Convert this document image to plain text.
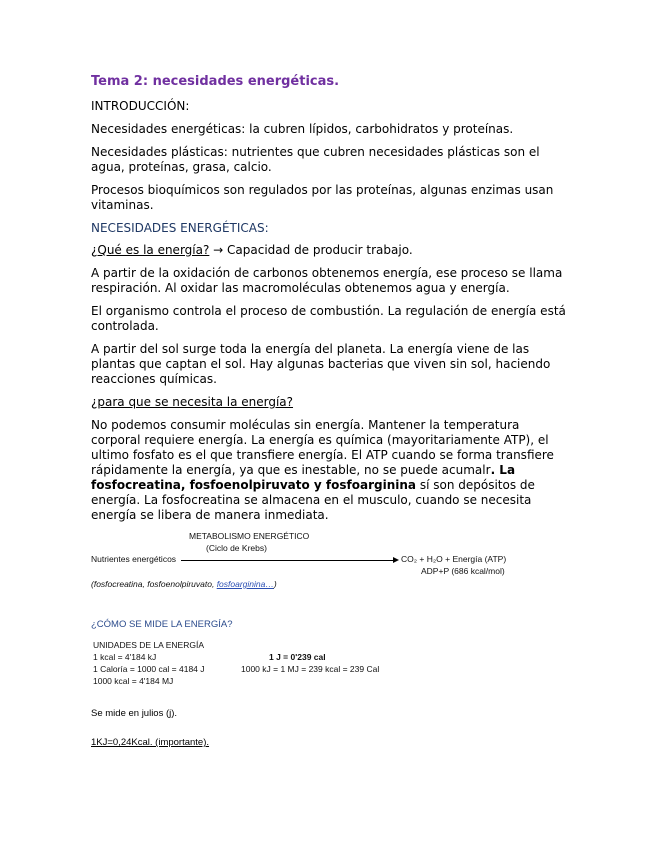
Tema 2: necesidades energéticas.

INTRODUCCIÓN:

Necesidades energéticas: la cubren lípidos, carbohidratos y proteínas.

Necesidades plásticas: nutrientes que cubren necesidades plásticas son el agua, proteínas, grasa, calcio.

Procesos bioquímicos son regulados por las proteínas, algunas enzimas usan vitaminas.

NECESIDADES ENERGÉTICAS:

¿Qué es la energía? → Capacidad de producir trabajo.

A partir de la oxidación de carbonos obtenemos energía, ese proceso se llama respiración. Al oxidar las macromoléculas obtenemos agua y energía.

El organismo controla el proceso de combustión. La regulación de energía está controlada.

A partir del sol surge toda la energía del planeta. La energía viene de las plantas que captan el sol. Hay algunas bacterias que viven sin sol, haciendo reacciones químicas.

¿para que se necesita la energía?

No podemos consumir moléculas sin energía. Mantener la temperatura corporal requiere energía. La energía es química (mayoritariamente ATP), el ultimo fosfato es el que transfiere energía. El ATP cuando se forma transfiere rápidamente la energía, ya que es inestable, no se puede acumalr. La fosfocreatina, fosfoenolpiruvato y fosfoarginina sí son depósitos de energía. La fosfocreatina se almacena en el musculo, cuando se necesita energía se libera de manera inmediata.

METABOLISMO ENERGÉTICO
(Ciclo de Krebs)
Nutrientes energéticos	CO₂ + H₂O + Energía (ATP)
ADP+P (686 kcal/mol)
(fosfocreatina, fosfoenolpiruvato, fosfoarginina…)

¿CÓMO SE MIDE LA ENERGÍA?

UNIDADES DE LA ENERGÍA
1 kcal = 4'184 kJ
1 Caloría = 1000 cal = 4184 J
1000 kcal = 4'184 MJ
1 J = 0'239 cal
1000 kJ = 1 MJ = 239 kcal = 239 Cal

Se mide en julios (j).

1KJ=0,24Kcal. (importante).
